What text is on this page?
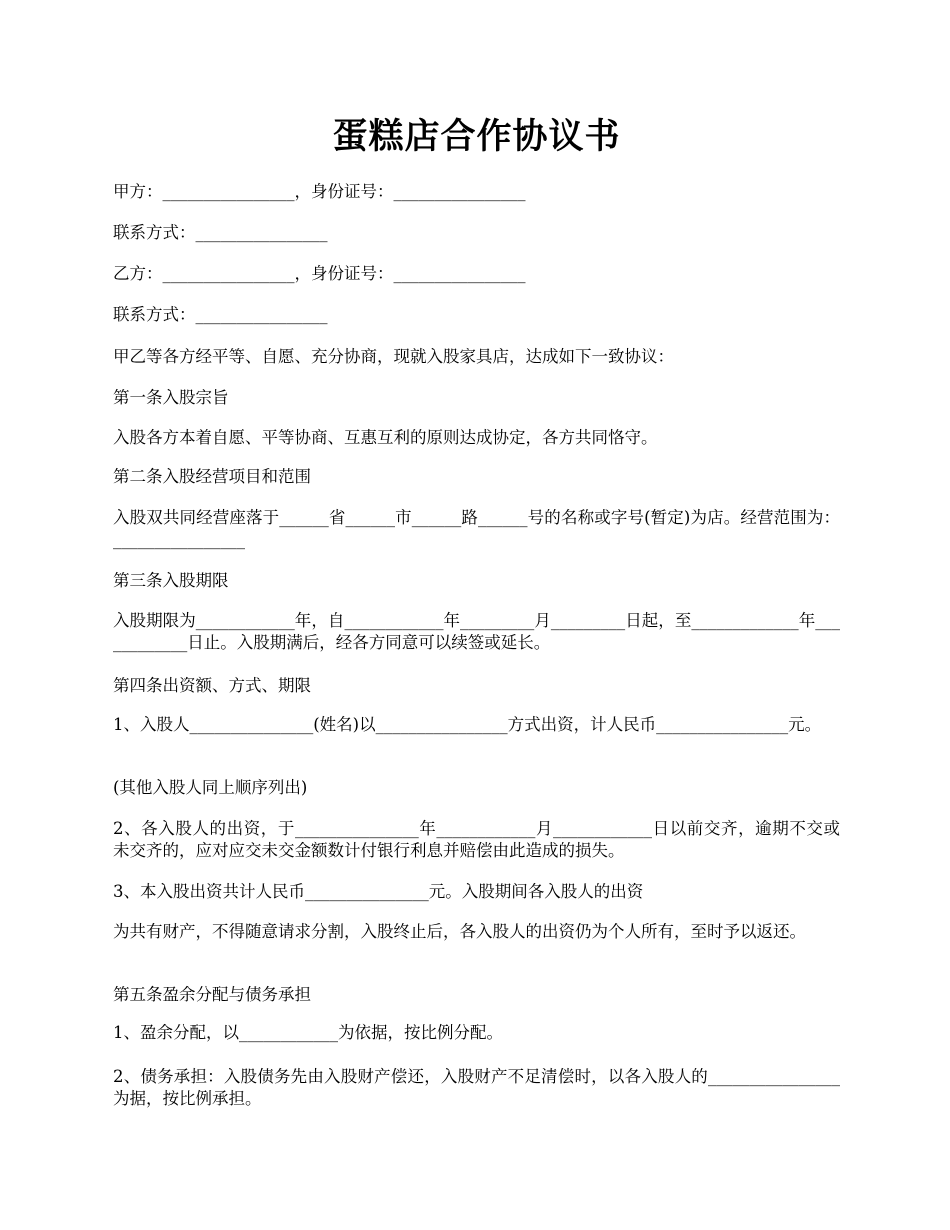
蛋糕店合作协议书

甲方：________________，身份证号：________________

联系方式：________________

乙方：________________，身份证号：________________

联系方式：________________

甲乙等各方经平等、自愿、充分协商，现就入股家具店，达成如下一致协议：

第一条入股宗旨

入股各方本着自愿、平等协商、互惠互利的原则达成协定，各方共同恪守。

第二条入股经营项目和范围

入股双共同经营座落于______省______市______路______号的名称或字号(暂定)为店。经营范围为：________________

第三条入股期限

入股期限为____________年，自____________年_________月_________日起，至_____________年____________日止。入股期满后，经各方同意可以续签或延长。

第四条出资额、方式、期限

1、入股人_______________(姓名)以________________方式出资，计人民币________________元。

(其他入股人同上顺序列出)

2、各入股人的出资，于_______________年____________月____________日以前交齐，逾期不交或未交齐的，应对应交未交金额数计付银行利息并赔偿由此造成的损失。

3、本入股出资共计人民币_______________元。入股期间各入股人的出资

为共有财产，不得随意请求分割，入股终止后，各入股人的出资仍为个人所有，至时予以返还。

第五条盈余分配与债务承担

1、盈余分配，以____________为依据，按比例分配。

2、债务承担：入股债务先由入股财产偿还，入股财产不足清偿时，以各入股人的________________为据，按比例承担。
